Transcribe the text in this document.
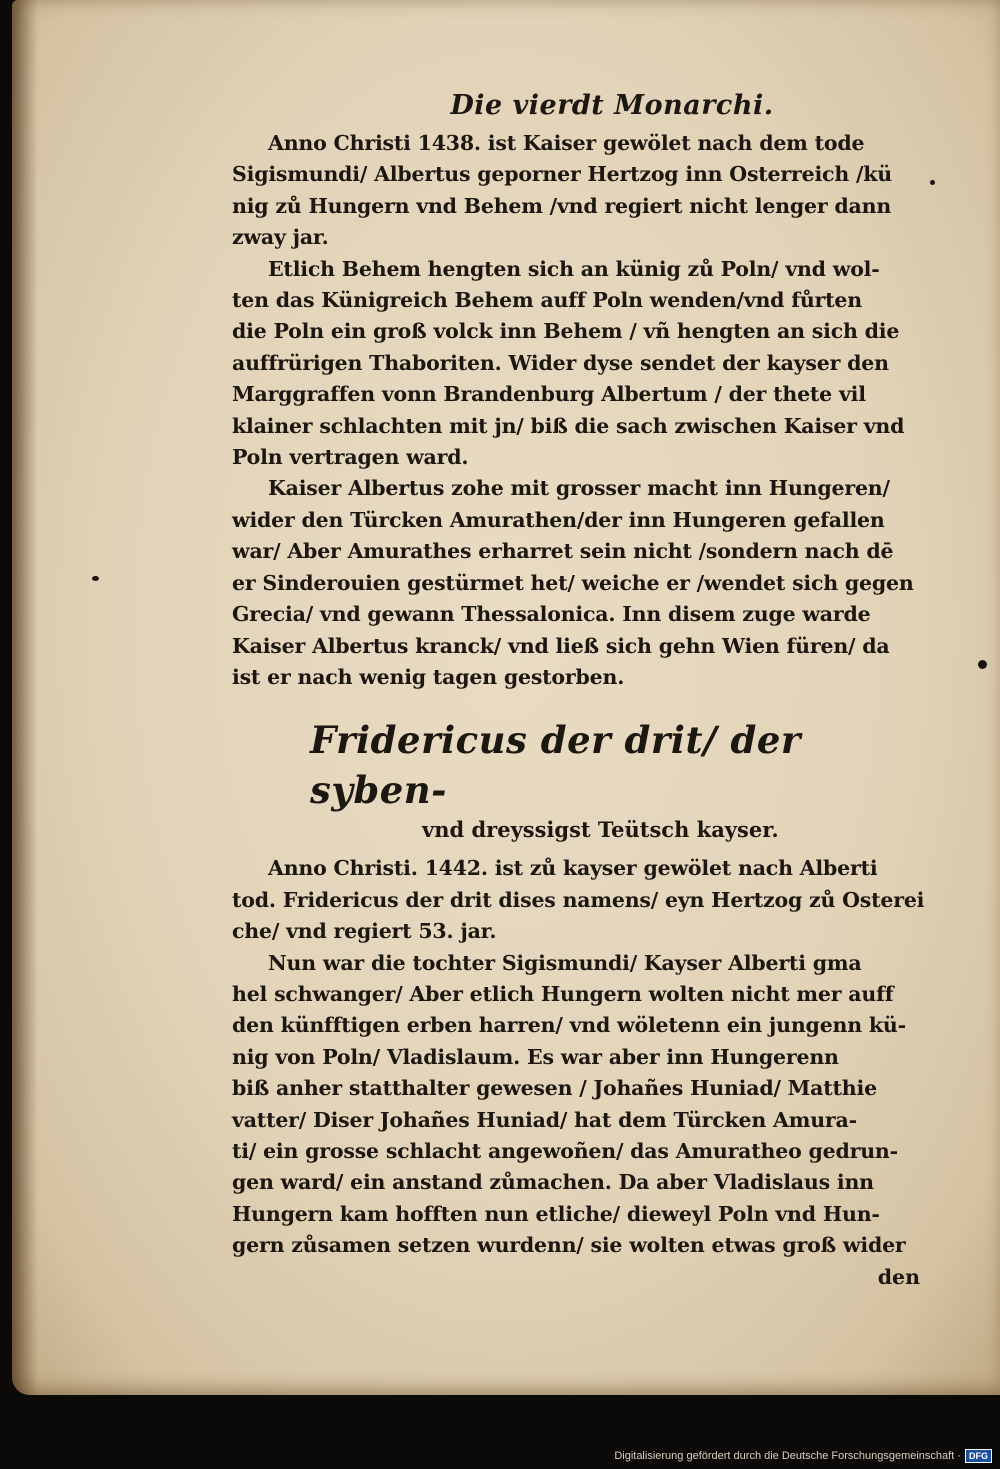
Die vierdt Monarchi.

Anno Christi 1438. ist Kaiser gewölet nach dem tode
Sigismundi/ Albertus geporner Hertzog inn Osterreich /kü
nig zů Hungern vnd Behem /vnd regiert nicht lenger dann
zway jar.

Etlich Behem hengten sich an künig zů Poln/ vnd wol-
ten das Künigreich Behem auff Poln wenden/vnd fůrten
die Poln ein groß volck inn Behem / vñ hengten an sich die
auffrürigen Thaboriten. Wider dyse sendet der kayser den
Marggraffen vonn Brandenburg Albertum / der thete vil
klainer schlachten mit jn/ biß die sach zwischen Kaiser vnd
Poln vertragen ward.

Kaiser Albertus zohe mit grosser macht inn Hungeren/
wider den Türcken Amurathen/der inn Hungeren gefallen
war/ Aber Amurathes erharret sein nicht /sondern nach dē
er Sinderouien gestürmet het/ weiche er /wendet sich gegen
Grecia/ vnd gewann Thessalonica. Inn disem zuge warde
Kaiser Albertus kranck/ vnd ließ sich gehn Wien füren/ da
ist er nach wenig tagen gestorben.

Fridericus der drit/ der syben-
vnd dreyssigst Teütsch kayser.

Anno Christi. 1442. ist zů kayser gewölet nach Alberti
tod. Fridericus der drit dises namens/ eyn Hertzog zů Osterei
che/ vnd regiert 53. jar.

Nun war die tochter Sigismundi/ Kayser Alberti gma
hel schwanger/ Aber etlich Hungern wolten nicht mer auff
den künfftigen erben harren/ vnd wöletenn ein jungenn kü-
nig von Poln/ Vladislaum. Es war aber inn Hungerenn
biß anher statthalter gewesen / Johañes Huniad/ Matthie
vatter/ Diser Johañes Huniad/ hat dem Türcken Amura-
ti/ ein grosse schlacht angewoñen/ das Amuratheo gedrun-
gen ward/ ein anstand zůmachen. Da aber Vladislaus inn
Hungern kam hofften nun etliche/ dieweyl Poln vnd Hun-
gern zůsamen setzen wurdenn/ sie wolten etwas groß wider

den
Digitalisierung gefördert durch die Deutsche Forschungsgemeinschaft · DFG
